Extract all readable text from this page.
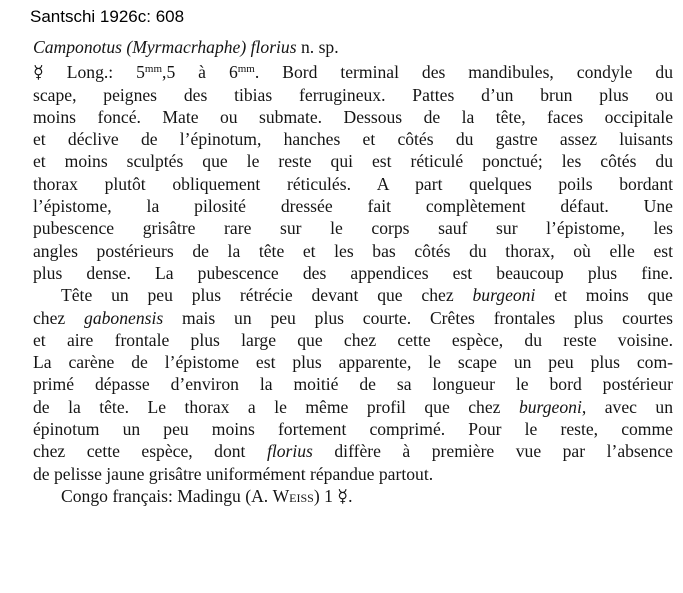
Santschi 1926c: 608
Camponotus (Myrmacrhaphe) florius n. sp.
☿ Long.: $5^{mm},5$ à $6^{mm}$. Bord terminal des mandibules, condyle du
scape, peignes des tibias ferrugineux. Pattes d’un brun plus ou
moins foncé. Mate ou submate. Dessous de la tête, faces occipitale
et déclive de l’épinotum, hanches et côtés du gastre assez luisants
et moins sculptés que le reste qui est réticulé ponctué; les côtés du
thorax plutôt obliquement réticulés. A part quelques poils bordant
l’épistome, la pilosité dressée fait complètement défaut. Une
pubescence grisâtre rare sur le corps sauf sur l’épistome, les
angles postérieurs de la tête et les bas côtés du thorax, où elle est
plus dense. La pubescence des appendices est beaucoup plus fine.
Tête un peu plus rétrécie devant que chez burgeoni et moins que
chez gabonensis mais un peu plus courte. Crêtes frontales plus courtes
et aire frontale plus large que chez cette espèce, du reste voisine.
La carène de l’épistome est plus apparente, le scape un peu plus com-
primé dépasse d’environ la moitié de sa longueur le bord postérieur
de la tête. Le thorax a le même profil que chez burgeoni, avec un
épinotum un peu moins fortement comprimé. Pour le reste, comme
chez cette espèce, dont florius diffère à première vue par l’absence
de pelisse jaune grisâtre uniformément répandue partout.
Congo français: Madingu (A. Weiss) 1 ☿.
